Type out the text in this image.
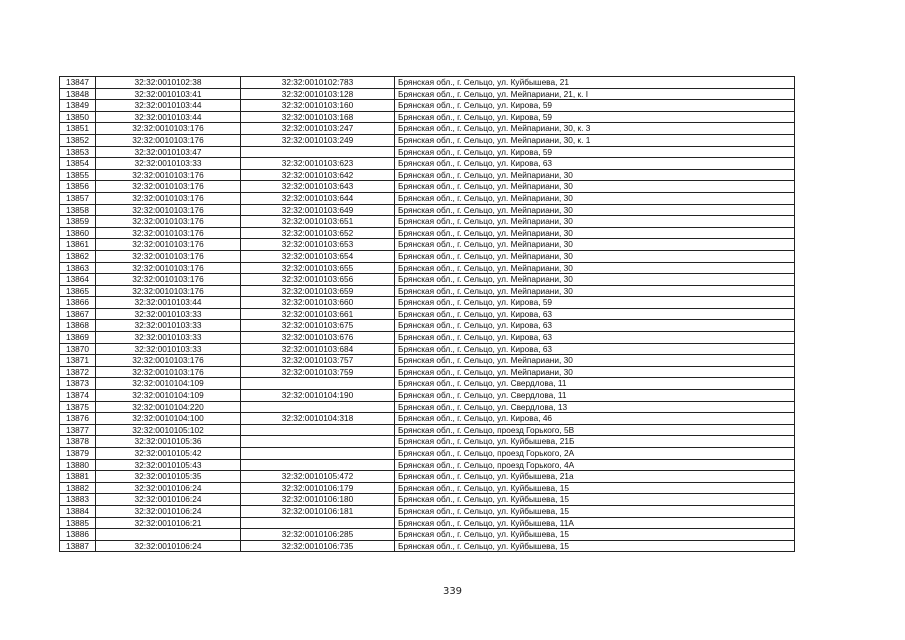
13847	32:32:0010102:38	32:32:0010102:783	Брянская обл., г. Сельцо, ул. Куйбышева, 21
13848	32:32:0010103:41	32:32:0010103:128	Брянская обл., г. Сельцо, ул. Мейпариани, 21, к. І
13849	32:32:0010103:44	32:32:0010103:160	Брянская обл., г. Сельцо, ул. Кирова, 59
13850	32:32:0010103:44	32:32:0010103:168	Брянская обл., г. Сельцо, ул. Кирова, 59
13851	32:32:0010103:176	32:32:0010103:247	Брянская обл., г. Сельцо, ул. Мейпариани, 30, к. 3
13852	32:32:0010103:176	32:32:0010103:249	Брянская обл., г. Сельцо, ул. Мейпариани, 30, к. 1
13853	32:32:0010103:47		Брянская обл., г. Сельцо, ул. Кирова, 59
13854	32:32:0010103:33	32:32:0010103:623	Брянская обл., г. Сельцо, ул. Кирова, 63
13855	32:32:0010103:176	32:32:0010103:642	Брянская обл., г. Сельцо, ул. Мейпариани, 30
13856	32:32:0010103:176	32:32:0010103:643	Брянская обл., г. Сельцо, ул. Мейпариани, 30
13857	32:32:0010103:176	32:32:0010103:644	Брянская обл., г. Сельцо, ул. Мейпариани, 30
13858	32:32:0010103:176	32:32:0010103:649	Брянская обл., г. Сельцо, ул. Мейпариани, 30
13859	32:32:0010103:176	32:32:0010103:651	Брянская обл., г. Сельцо, ул. Мейпариани, 30
13860	32:32:0010103:176	32:32:0010103:652	Брянская обл., г. Сельцо, ул. Мейпариани, 30
13861	32:32:0010103:176	32:32:0010103:653	Брянская обл., г. Сельцо, ул. Мейпариани, 30
13862	32:32:0010103:176	32:32:0010103:654	Брянская обл., г. Сельцо, ул. Мейпариани, 30
13863	32:32:0010103:176	32:32:0010103:655	Брянская обл., г. Сельцо, ул. Мейпариани, 30
13864	32:32:0010103:176	32:32:0010103:656	Брянская обл., г. Сельцо, ул. Мейпариани, 30
13865	32:32:0010103:176	32:32:0010103:659	Брянская обл., г. Сельцо, ул. Мейпариани, 30
13866	32:32:0010103:44	32:32:0010103:660	Брянская обл., г. Сельцо, ул. Кирова, 59
13867	32:32:0010103:33	32:32:0010103:661	Брянская обл., г. Сельцо, ул. Кирова, 63
13868	32:32:0010103:33	32:32:0010103:675	Брянская обл., г. Сельцо, ул. Кирова, 63
13869	32:32:0010103:33	32:32:0010103:676	Брянская обл., г. Сельцо, ул. Кирова, 63
13870	32:32:0010103:33	32:32:0010103:684	Брянская обл., г. Сельцо, ул. Кирова, 63
13871	32:32:0010103:176	32:32:0010103:757	Брянская обл., г. Сельцо, ул. Мейпариани, 30
13872	32:32:0010103:176	32:32:0010103:759	Брянская обл., г. Сельцо, ул. Мейпариани, 30
13873	32:32:0010104:109		Брянская обл., г. Сельцо, ул. Свердлова, 11
13874	32:32:0010104:109	32:32:0010104:190	Брянская обл., г. Сельцо, ул. Свердлова, 11
13875	32:32:0010104:220		Брянская обл., г. Сельцо, ул. Свердлова, 13
13876	32:32:0010104:100	32:32:0010104:318	Брянская обл., г. Сельцо, ул. Кирова, 46
13877	32:32:0010105:102		Брянская обл., г. Сельцо, проезд Горького, 5В
13878	32:32:0010105:36		Брянская обл., г. Сельцо, ул. Куйбышева, 21Б
13879	32:32:0010105:42		Брянская обл., г. Сельцо, проезд Горького, 2А
13880	32:32:0010105:43		Брянская обл., г. Сельцо, проезд Горького, 4А
13881	32:32:0010105:35	32:32:0010105:472	Брянская обл., г. Сельцо, ул. Куйбышева, 21а
13882	32:32:0010106:24	32:32:0010106:179	Брянская обл., г. Сельцо, ул. Куйбышева, 15
13883	32:32:0010106:24	32:32:0010106:180	Брянская обл., г. Сельцо, ул. Куйбышева, 15
13884	32:32:0010106:24	32:32:0010106:181	Брянская обл., г. Сельцо, ул. Куйбышева, 15
13885	32:32:0010106:21		Брянская обл., г. Сельцо, ул. Куйбышева, 11А
13886		32:32:0010106:285	Брянская обл., г. Сельцо, ул. Куйбышева, 15
13887	32:32:0010106:24	32:32:0010106:735	Брянская обл., г. Сельцо, ул. Куйбышева, 15
339
